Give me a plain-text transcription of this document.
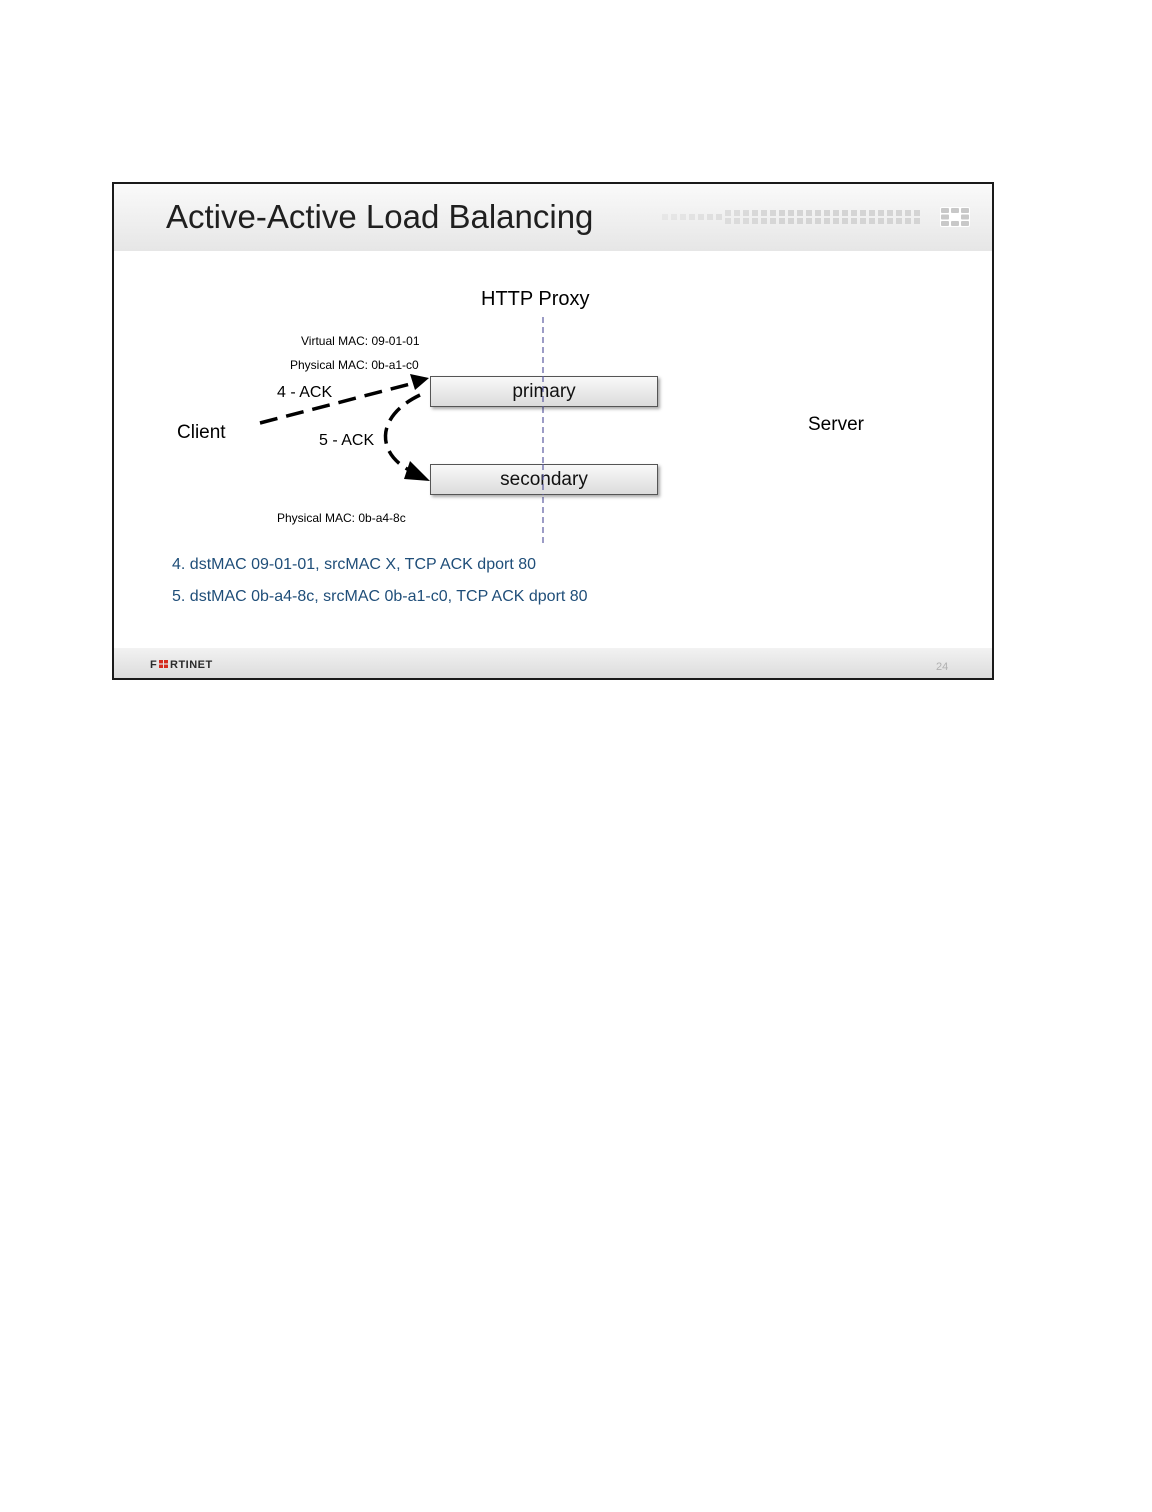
Active-Active Load Balancing
HTTP Proxy
Virtual MAC: 09-01-01
Physical MAC: 0b-a1-c0
4 - ACK
Client	5 - ACK
Server
primary
secondary
Physical MAC: 0b-a4-8c
4. dstMAC 09-01-01, srcMAC X, TCP ACK dport 80
5. dstMAC 0b-a4-8c, srcMAC 0b-a1-c0, TCP ACK dport 80
F RTINET	24
